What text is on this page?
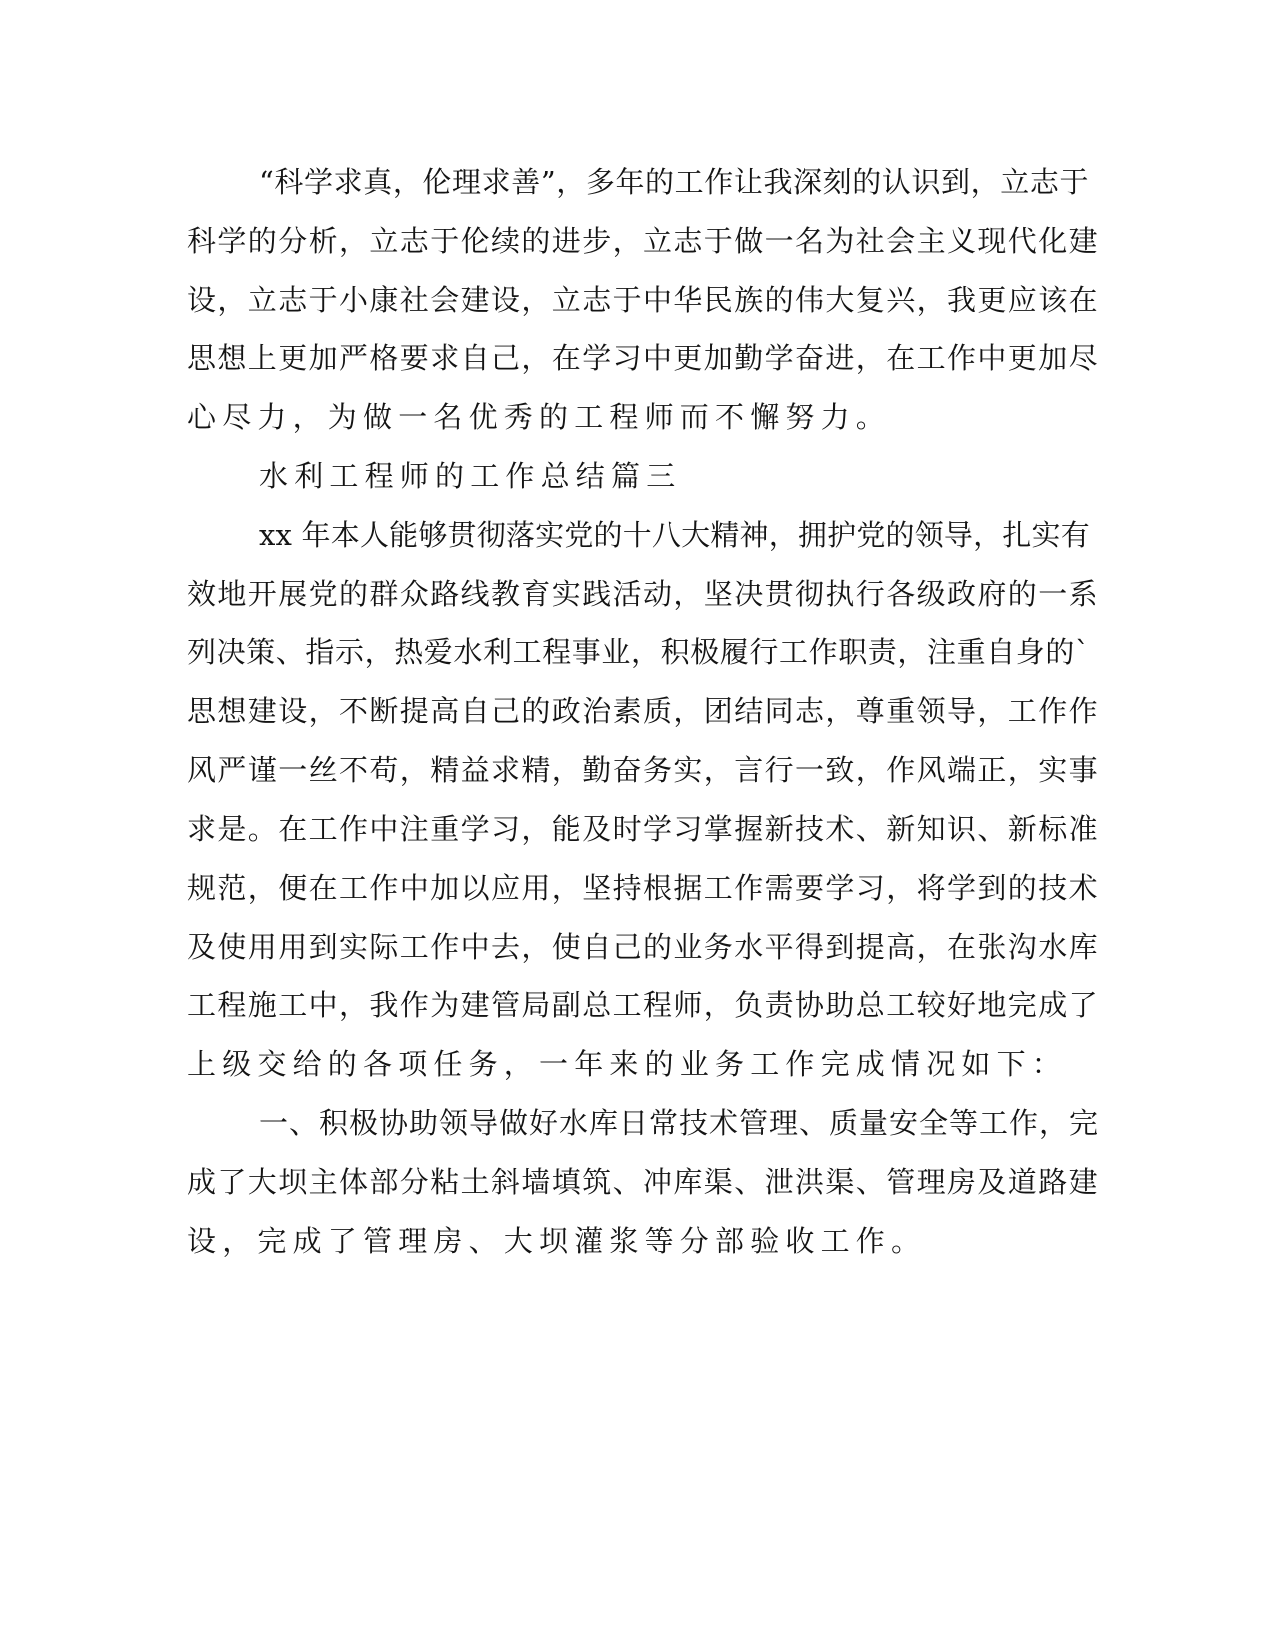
“科学求真，伦理求善”，多年的工作让我深刻的认识到，立志于

科学的分析，立志于伦续的进步，立志于做一名为社会主义现代化建

设，立志于小康社会建设，立志于中华民族的伟大复兴，我更应该在

思想上更加严格要求自己，在学习中更加勤学奋进，在工作中更加尽

心尽力，为做一名优秀的工程师而不懈努力。

水利工程师的工作总结篇三

xx 年本人能够贯彻落实党的十八大精神，拥护党的领导，扎实有

效地开展党的群众路线教育实践活动，坚决贯彻执行各级政府的一系

列决策、指示，热爱水利工程事业，积极履行工作职责，注重自身的`

思想建设，不断提高自己的政治素质，团结同志，尊重领导，工作作

风严谨一丝不苟，精益求精，勤奋务实，言行一致，作风端正，实事

求是。在工作中注重学习，能及时学习掌握新技术、新知识、新标准

规范，便在工作中加以应用，坚持根据工作需要学习，将学到的技术

及使用用到实际工作中去，使自己的业务水平得到提高，在张沟水库

工程施工中，我作为建管局副总工程师，负责协助总工较好地完成了

上级交给的各项任务，一年来的业务工作完成情况如下：

一、积极协助领导做好水库日常技术管理、质量安全等工作，完

成了大坝主体部分粘土斜墙填筑、冲库渠、泄洪渠、管理房及道路建

设，完成了管理房、大坝灌浆等分部验收工作。
